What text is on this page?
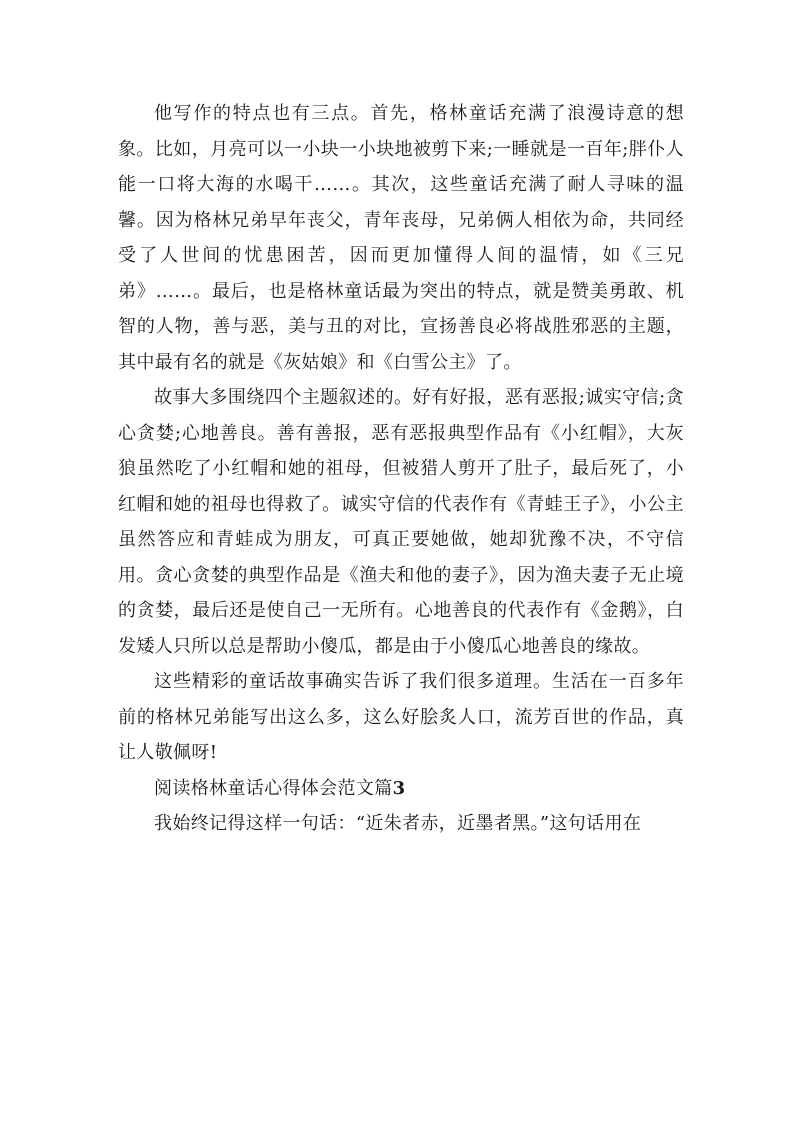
他写作的特点也有三点。首先，格林童话充满了浪漫诗意的想象。比如，月亮可以一小块一小块地被剪下来;一睡就是一百年;胖仆人能一口将大海的水喝干……。其次，这些童话充满了耐人寻味的温馨。因为格林兄弟早年丧父，青年丧母，兄弟俩人相依为命，共同经受了人世间的忧患困苦，因而更加懂得人间的温情，如《三兄弟》……。最后，也是格林童话最为突出的特点，就是赞美勇敢、机智的人物，善与恶，美与丑的对比，宣扬善良必将战胜邪恶的主题，其中最有名的就是《灰姑娘》和《白雪公主》了。

故事大多围绕四个主题叙述的。好有好报，恶有恶报;诚实守信;贪心贪婪;心地善良。善有善报，恶有恶报典型作品有《小红帽》，大灰狼虽然吃了小红帽和她的祖母，但被猎人剪开了肚子，最后死了，小红帽和她的祖母也得救了。诚实守信的代表作有《青蛙王子》，小公主虽然答应和青蛙成为朋友，可真正要她做，她却犹豫不决，不守信用。贪心贪婪的典型作品是《渔夫和他的妻子》，因为渔夫妻子无止境的贪婪，最后还是使自己一无所有。心地善良的代表作有《金鹅》，白发矮人只所以总是帮助小傻瓜，都是由于小傻瓜心地善良的缘故。

这些精彩的童话故事确实告诉了我们很多道理。生活在一百多年前的格林兄弟能写出这么多，这么好脍炙人口，流芳百世的作品，真让人敬佩呀!

阅读格林童话心得体会范文篇3

我始终记得这样一句话：“近朱者赤，近墨者黑。”这句话用在
